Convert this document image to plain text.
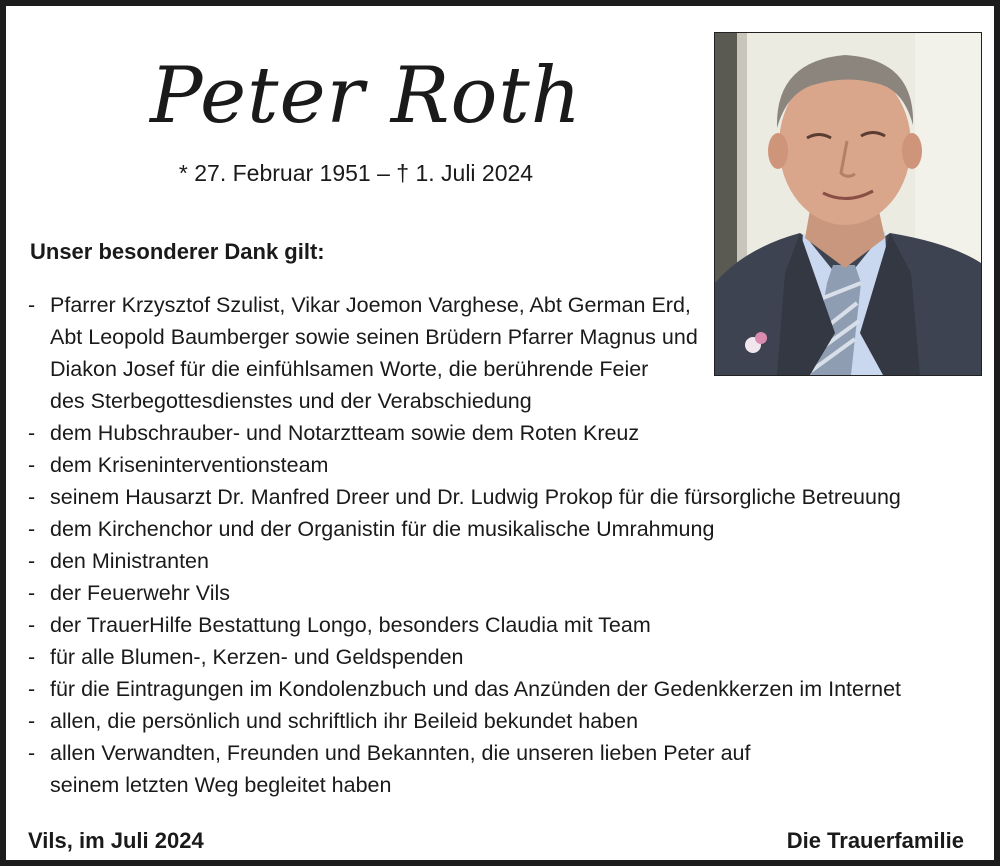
Peter Roth
* 27. Februar 1951 – † 1. Juli 2024
Unser besonderer Dank gilt:
- Pfarrer Krzysztof Szulist, Vikar Joemon Varghese, Abt German Erd,
Abt Leopold Baumberger sowie seinen Brüdern Pfarrer Magnus und
Diakon Josef für die einfühlsamen Worte, die berührende Feier
des Sterbegottesdienstes und der Verabschiedung
- dem Hubschrauber- und Notarztteam sowie dem Roten Kreuz
- dem Kriseninterventionsteam
- seinem Hausarzt Dr. Manfred Dreer und Dr. Ludwig Prokop für die fürsorgliche Betreuung
- dem Kirchenchor und der Organistin für die musikalische Umrahmung
- den Ministranten
- der Feuerwehr Vils
- der TrauerHilfe Bestattung Longo, besonders Claudia mit Team
- für alle Blumen-, Kerzen- und Geldspenden
- für die Eintragungen im Kondolenzbuch und das Anzünden der Gedenkkerzen im Internet
- allen, die persönlich und schriftlich ihr Beileid bekundet haben
- allen Verwandten, Freunden und Bekannten, die unseren lieben Peter auf
seinem letzten Weg begleitet haben
Vils, im Juli 2024	Die Trauerfamilie
